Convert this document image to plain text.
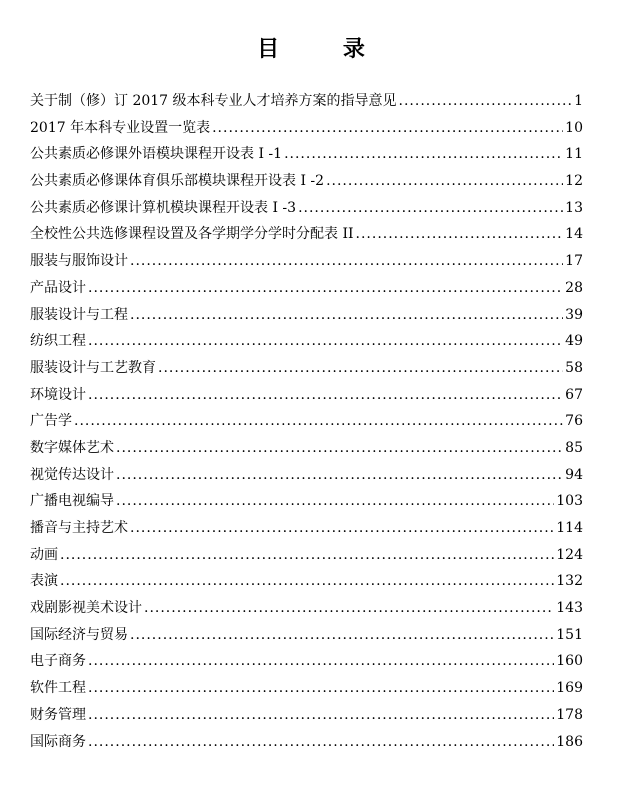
目 录
关于制（修）订 2017 级本科专业人才培养方案的指导意见 .....	1
2017 年本科专业设置一览表 .....	10
公共素质必修课外语模块课程开设表 I -1 .....	11
公共素质必修课体育俱乐部模块课程开设表 I -2 .....	12
公共素质必修课计算机模块课程开设表 I -3 .....	13
全校性公共选修课程设置及各学期学分学时分配表 II .....	14
服装与服饰设计 .....	17
产品设计 .....	28
服装设计与工程 .....	39
纺织工程 .....	49
服装设计与工艺教育 .....	58
环境设计 .....	67
广告学 .....	76
数字媒体艺术 .....	85
视觉传达设计 .....	94
广播电视编导 .....	103
播音与主持艺术 .....	114
动画 .....	124
表演 .....	132
戏剧影视美术设计 .....	143
国际经济与贸易 .....	151
电子商务 .....	160
软件工程 .....	169
财务管理 .....	178
国际商务 .....	186
